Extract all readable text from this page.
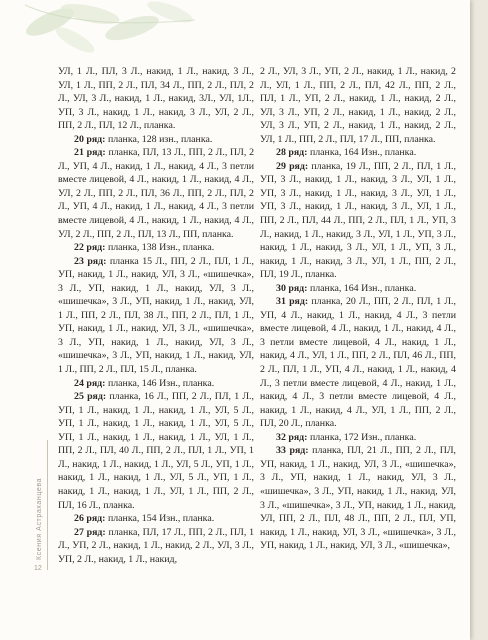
Ксения Астраханцева
12

УЛ, 1 Л., ПЛ, 3 Л., накид, 1 Л., накид, 3 Л., УЛ, 1 Л., ПП, 2 Л., ПЛ, 34 Л., ПП, 2 Л., ПЛ, 2 Л., УЛ, 3 Л., накид, 1 Л., накид, 3Л., УЛ, 1Л., УП, 3 Л., накид, 1 Л., накид, 3 Л., УЛ, 2 Л., ПП, 2 Л., ПЛ, 12 Л., планка.

20 ряд: планка, 128 изн., планка.

21 ряд: планка, ПЛ, 13 Л., ПП, 2 Л., ПЛ, 2 Л., УП, 4 Л., накид, 1 Л., накид, 4 Л., 3 петли вместе лицевой, 4 Л., накид, 1 Л., накид, 4 Л., УЛ, 2 Л., ПП, 2 Л., ПЛ, 36 Л., ПП, 2 Л., ПЛ, 2 Л., УП, 4 Л., накид, 1 Л., накид, 4 Л., 3 петли вместе лицевой, 4 Л., накид, 1 Л., накид, 4 Л., УЛ, 2 Л., ПП, 2 Л., ПЛ, 13 Л., ПП, планка.

22 ряд: планка, 138 Изн., планка.

23 ряд: планка 15 Л., ПП, 2 Л., ПЛ, 1 Л., УП, накид, 1 Л., накид, УЛ, 3 Л., «шишечка», 3 Л., УП, накид, 1 Л., накид, УЛ, 3 Л., «шишечка», 3 Л., УП, накид, 1 Л., накид, УЛ, 1 Л., ПП, 2 Л., ПЛ, 38 Л., ПП, 2 Л., ПЛ, 1 Л., УП, накид, 1 Л., накид, УЛ, 3 Л., «шишечка», 3 Л., УП, накид, 1 Л., накид, УЛ, 3 Л., «шишечка», 3 Л., УП, накид, 1 Л., накид, УЛ, 1 Л., ПП, 2 Л., ПЛ, 15 Л., планка.

24 ряд: планка, 146 Изн., планка.

25 ряд: планка, 16 Л., ПП, 2 Л., ПЛ, 1 Л., УП, 1 Л., накид, 1 Л., накид, 1 Л., УЛ, 5 Л., УП, 1 Л., накид, 1 Л., накид, 1 Л., УЛ, 5 Л., УП, 1 Л., накид, 1 Л., накид, 1 Л., УЛ, 1 Л., ПП, 2 Л., ПЛ, 40 Л., ПП, 2 Л., ПЛ, 1 Л., УП, 1 Л., накид, 1 Л., накид, 1 Л., УЛ, 5 Л., УП, 1 Л., накид, 1 Л., накид, 1 Л., УЛ, 5 Л., УП, 1 Л., накид, 1 Л., накид, 1 Л., УЛ, 1 Л., ПП, 2 Л., ПЛ, 16 Л., планка.

26 ряд: планка, 154 Изн., планка.

27 ряд: планка, ПЛ, 17 Л., ПП, 2 Л., ПЛ, 1 Л., УП, 2 Л., накид, 1 Л., накид, 2 Л., УЛ, 3 Л., УП, 2 Л., накид, 1 Л., накид,

2 Л., УЛ, 3 Л., УП, 2 Л., накид, 1 Л., накид, 2 Л., УЛ, 1 Л., ПП, 2 Л., ПЛ, 42 Л., ПП, 2 Л., ПЛ, 1 Л., УП, 2 Л., накид, 1 Л., накид, 2 Л., УЛ, 3 Л., УП, 2 Л., накид, 1 Л., накид, 2 Л., УЛ, 3 Л., УП, 2 Л., накид, 1 Л., накид, 2 Л., УЛ, 1 Л., ПП, 2 Л., ПЛ, 17 Л., ПП, планка.

28 ряд: планка, 164 Изн., планка.

29 ряд: планка, 19 Л., ПП, 2 Л., ПЛ, 1 Л., УП, 3 Л., накид, 1 Л., накид, 3 Л., УЛ, 1 Л., УП, 3 Л., накид, 1 Л., накид, 3 Л., УЛ, 1 Л., УП, 3 Л., накид, 1 Л., накид, 3 Л., УЛ, 1 Л., ПП, 2 Л., ПЛ, 44 Л., ПП, 2 Л., ПЛ, 1 Л., УП, 3 Л., накид, 1 Л., накид, 3 Л., УЛ, 1 Л., УП, 3 Л., накид, 1 Л., накид, 3 Л., УЛ, 1 Л., УП, 3 Л., накид, 1 Л., накид, 3 Л., УЛ, 1 Л., ПП, 2 Л., ПЛ, 19 Л., планка.

30 ряд: планка, 164 Изн., планка.

31 ряд: планка, 20 Л., ПП, 2 Л., ПЛ, 1 Л., УП, 4 Л., накид, 1 Л., накид, 4 Л., 3 петли вместе лицевой, 4 Л., накид, 1 Л., накид, 4 Л., 3 петли вместе лицевой, 4 Л., накид, 1 Л., накид, 4 Л., УЛ, 1 Л., ПП, 2 Л., ПЛ, 46 Л., ПП, 2 Л., ПЛ, 1 Л., УП, 4 Л., накид, 1 Л., накид, 4 Л., 3 петли вместе лицевой, 4 Л., накид, 1 Л., накид, 4 Л., 3 петли вместе лицевой, 4 Л., накид, 1 Л., накид, 4 Л., УЛ, 1 Л., ПП, 2 Л., ПЛ, 20 Л., планка.

32 ряд: планка, 172 Изн., планка.

33 ряд: планка, ПЛ, 21 Л., ПП, 2 Л., ПЛ, УП, накид, 1 Л., накид, УЛ, 3 Л., «шишечка», 3 Л., УП, накид, 1 Л., накид, УЛ, 3 Л., «шишечка», 3 Л., УП, накид, 1 Л., накид, УЛ, 3 Л., «шишечка», 3 Л., УП, накид, 1 Л., накид, УЛ, ПП, 2 Л., ПЛ, 48 Л., ПП, 2 Л., ПЛ, УП, накид, 1 Л., накид, УЛ, 3 Л., «шишечка», 3 Л., УП, накид, 1 Л., накид, УЛ, 3 Л., «шишечка»,
